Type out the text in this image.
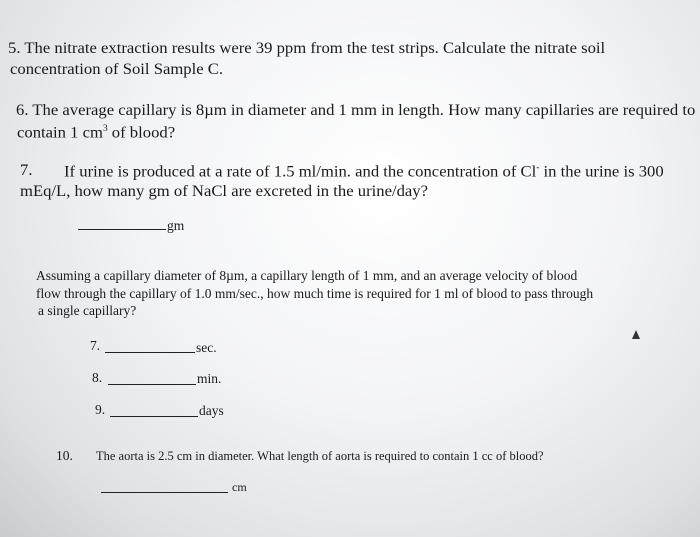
5. The nitrate extraction results were 39 ppm from the test strips. Calculate the nitrate soil
concentration of Soil Sample C.
6. The average capillary is 8µm in diameter and 1 mm in length. How many capillaries are required to
contain 1 $cm^3$ of blood?
7. If urine is produced at a rate of 1.5 ml/min. and the concentration of Cl- in the urine is 300
mEq/L, how many gm of NaCl are excreted in the urine/day?
gm
Assuming a capillary diameter of 8µm, a capillary length of 1 mm, and an average velocity of blood
flow through the capillary of 1.0 mm/sec., how much time is required for 1 ml of blood to pass through
a single capillary?
7.	sec.
8.	min.
9.	days
10. The aorta is 2.5 cm in diameter. What length of aorta is required to contain 1 cc of blood?
cm
